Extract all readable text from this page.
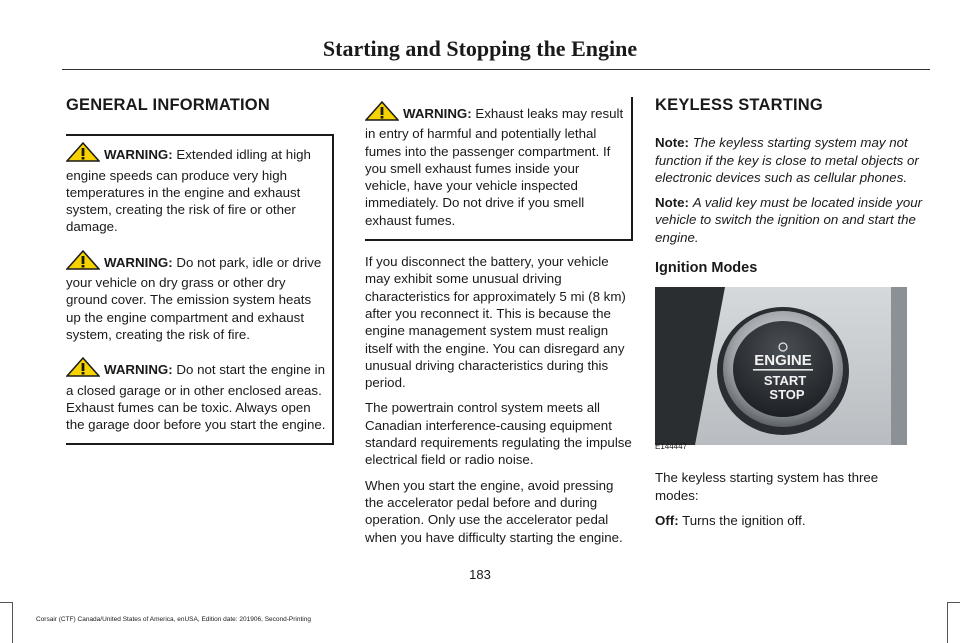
Starting and Stopping the Engine
GENERAL INFORMATION

WARNING: Extended idling at high engine speeds can produce very high temperatures in the engine and exhaust system, creating the risk of fire or other damage.

WARNING: Do not park, idle or drive your vehicle on dry grass or other dry ground cover. The emission system heats up the engine compartment and exhaust system, creating the risk of fire.

WARNING: Do not start the engine in a closed garage or in other enclosed areas. Exhaust fumes can be toxic. Always open the garage door before you start the engine.

WARNING: Exhaust leaks may result in entry of harmful and potentially lethal fumes into the passenger compartment. If you smell exhaust fumes inside your vehicle, have your vehicle inspected immediately. Do not drive if you smell exhaust fumes.

If you disconnect the battery, your vehicle may exhibit some unusual driving characteristics for approximately 5 mi (8 km) after you reconnect it. This is because the engine management system must realign itself with the engine. You can disregard any unusual driving characteristics during this period.

The powertrain control system meets all Canadian interference-causing equipment standard requirements regulating the impulse electrical field or radio noise.

When you start the engine, avoid pressing the accelerator pedal before and during operation. Only use the accelerator pedal when you have difficulty starting the engine.

KEYLESS STARTING

Note: The keyless starting system may not function if the key is close to metal objects or electronic devices such as cellular phones.

Note: A valid key must be located inside your vehicle to switch the ignition on and start the engine.

Ignition Modes
ENGINE
START
STOP
E144447

The keyless starting system has three modes:

Off: Turns the ignition off.

183
Corsair (CTF) Canada/United States of America, enUSA, Edition date: 201906, Second-Printing
